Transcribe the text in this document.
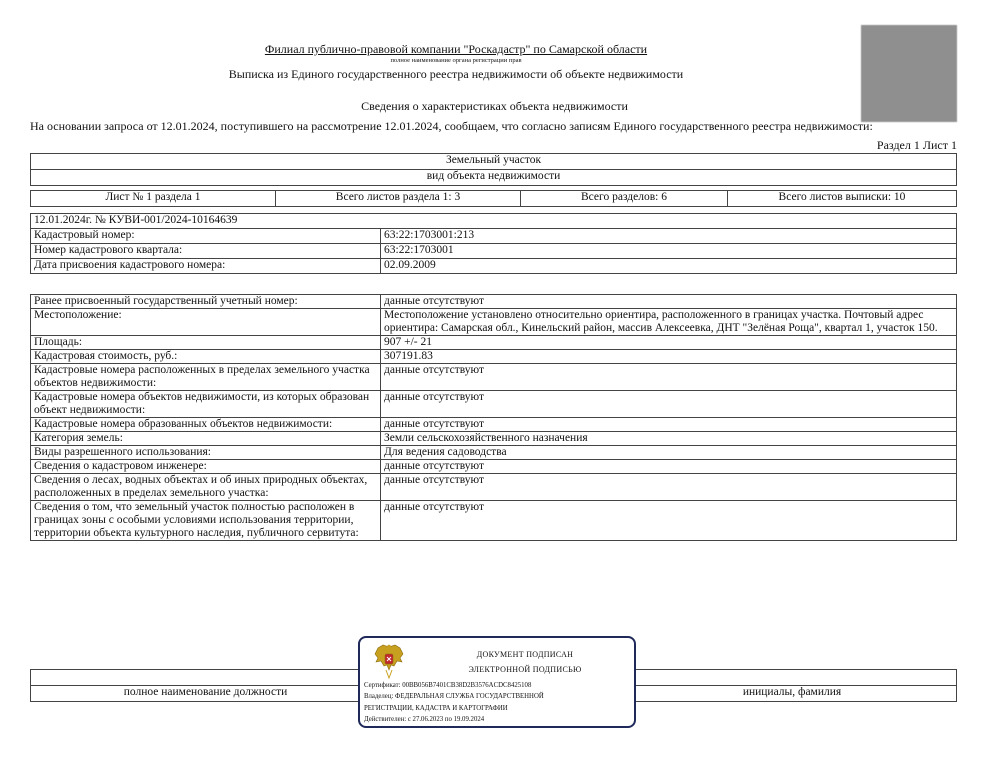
Филиал публично-правовой компании "Роскадастр" по Самарской области
полное наименование органа регистрации прав
Выписка из Единого государственного реестра недвижимости об объекте недвижимости
Сведения о характеристиках объекта недвижимости
На основании запроса от 12.01.2024, поступившего на рассмотрение 12.01.2024, сообщаем, что согласно записям Единого государственного реестра недвижимости:
Раздел 1 Лист 1
Земельный участок
вид объекта недвижимости
Лист № 1 раздела 1	Всего листов раздела 1: 3	Всего разделов: 6	Всего листов выписки: 10
12.01.2024г. № КУВИ-001/2024-10164639	
Кадастровый номер:	63:22:1703001:213
Номер кадастрового квартала:	63:22:1703001
Дата присвоения кадастрового номера:	02.09.2009
Ранее присвоенный государственный учетный номер:	данные отсутствуют
Местоположение:	Местоположение установлено относительно ориентира, расположенного в границах участка. Почтовый адрес ориентира: Самарская обл., Кинельский район, массив Алексеевка, ДНТ "Зелёная Роща", квартал 1, участок 150.
Площадь:	907 +/- 21
Кадастровая стоимость, руб.:	307191.83
Кадастровые номера расположенных в пределах земельного участка объектов недвижимости:	данные отсутствуют
Кадастровые номера объектов недвижимости, из которых образован объект недвижимости:	данные отсутствуют
Кадастровые номера образованных объектов недвижимости:	данные отсутствуют
Категория земель:	Земли сельскохозяйственного назначения
Виды разрешенного использования:	Для ведения садоводства
Сведения о кадастровом инженере:	данные отсутствуют
Сведения о лесах, водных объектах и об иных природных объектах, расположенных в пределах земельного участка:	данные отсутствуют
Сведения о том, что земельный участок полностью расположен в границах зоны с особыми условиями использования территории, территории объекта культурного наследия, публичного сервитута:	данные отсутствуют

полное наименование должности		инициалы, фамилия
ДОКУМЕНТ ПОДПИСАН
ЭЛЕКТРОННОЙ ПОДПИСЬЮ
Сертификат: 00BB056B7401CB38D2B3576ACDC8425108
Владелец: ФЕДЕРАЛЬНАЯ СЛУЖБА ГОСУДАРСТВЕННОЙ
РЕГИСТРАЦИИ, КАДАСТРА И КАРТОГРАФИИ
Действителен: с 27.06.2023 по 19.09.2024
